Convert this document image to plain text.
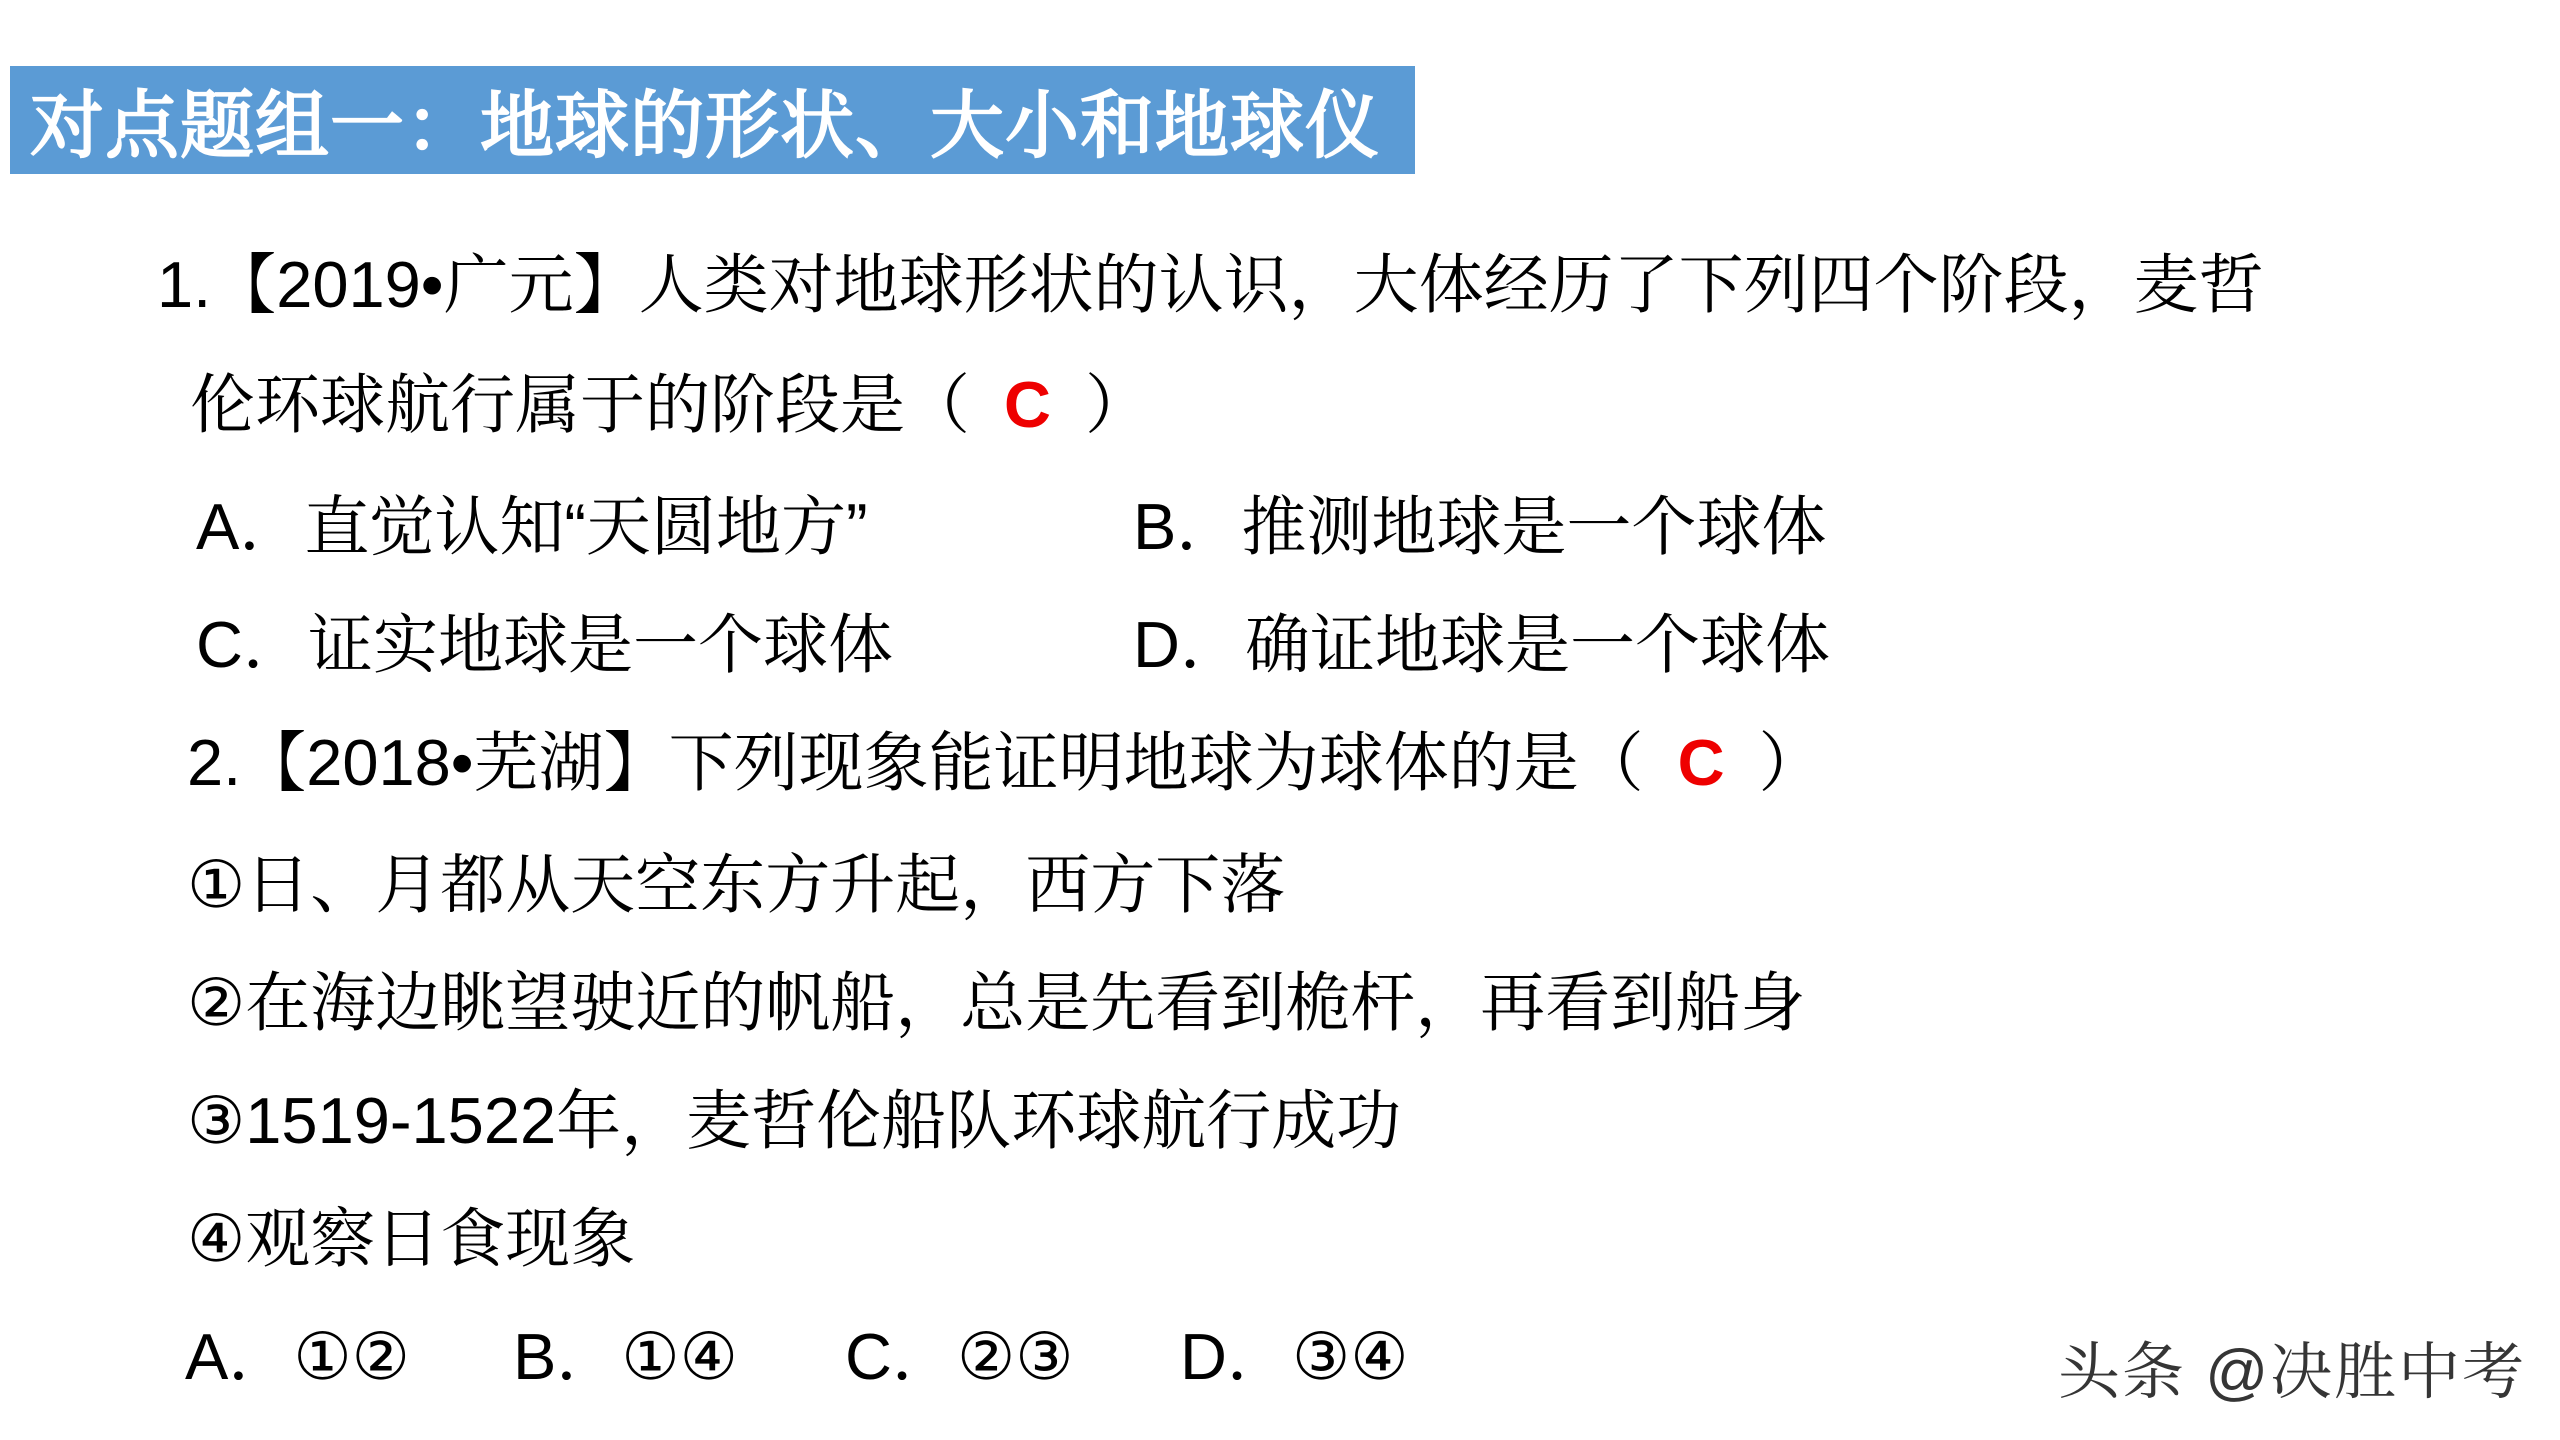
对点题组一：地球的形状、大小和地球仪
1.【2019•广元】人类对地球形状的认识，大体经历了下列四个阶段，麦哲
伦环球航行属于的阶段是（ C ）
A．直觉认知“天圆地方”	B．推测地球是一个球体
C．证实地球是一个球体	D．确证地球是一个球体
2.【2018•芜湖】下列现象能证明地球为球体的是（ C ）
①日、月都从天空东方升起，西方下落
②在海边眺望驶近的帆船，总是先看到桅杆，再看到船身
③1519-1522年，麦哲伦船队环球航行成功
④观察日食现象
A．①② B．①④ C．②③ D．③④	头条 @决胜中考
